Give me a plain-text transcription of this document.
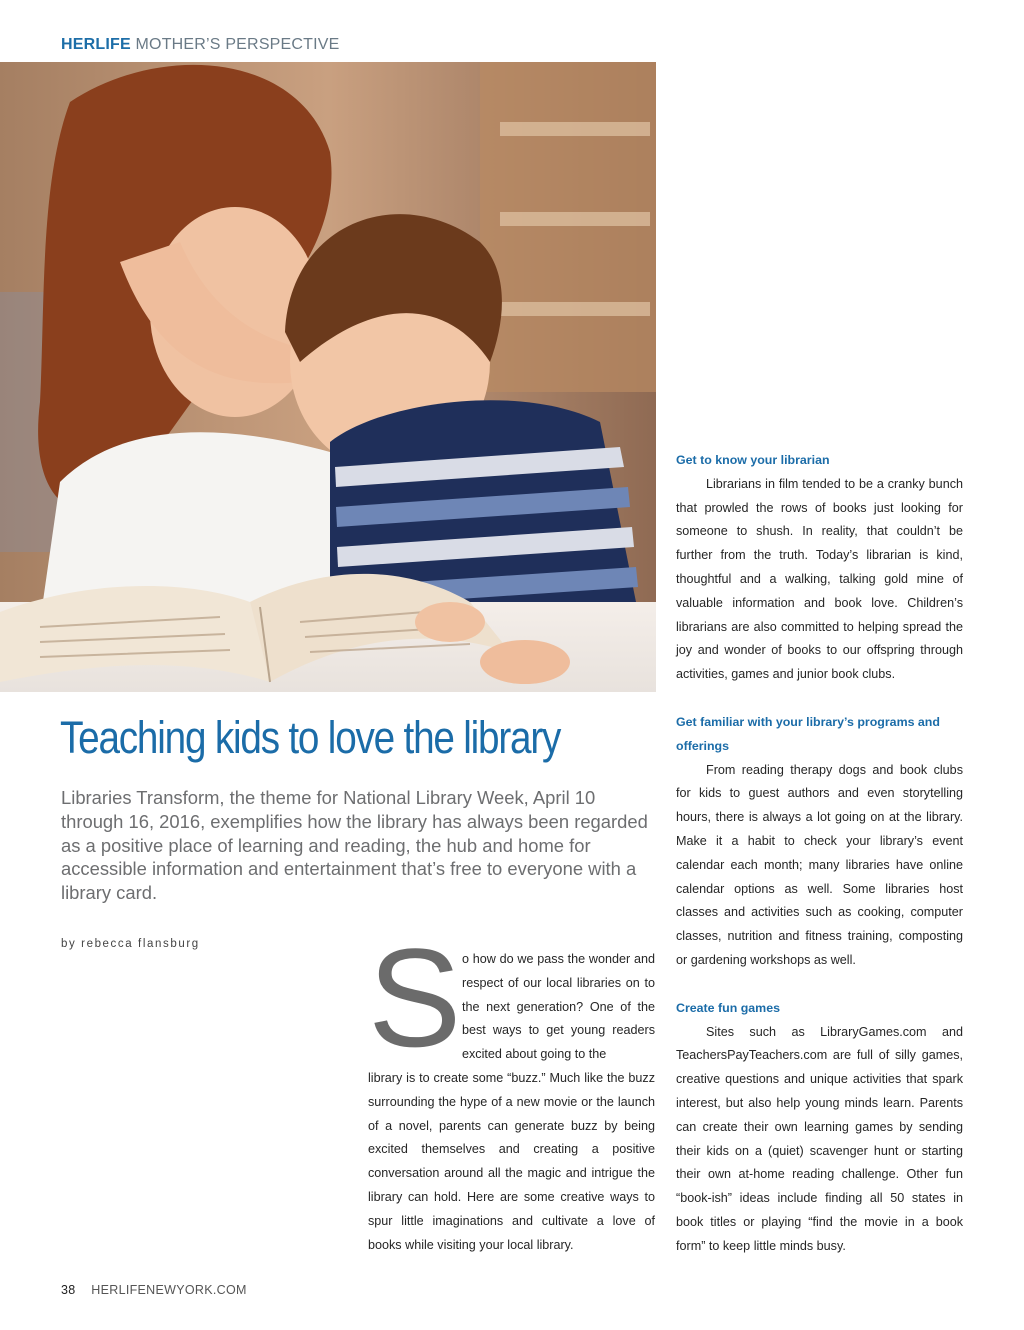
HERLIFE MOTHER’S PERSPECTIVE
Teaching kids to love the library

Libraries Transform, the theme for National Library Week, April 10 through 16, 2016, exemplifies how the library has always been regarded as a positive place of learning and reading, the hub and home for accessible information and entertainment that’s free to everyone with a library card.

by rebecca flansburg S o how do we pass the wonder and respect of our local libraries on to the next generation? One of the best ways to get young readers excited about going to the

library is to create some “buzz.” Much like the buzz surrounding the hype of a new movie or the launch of a novel, parents can generate buzz by being excited themselves and creating a positive conversation around all the magic and intrigue the library can hold. Here are some creative ways to spur little imaginations and cultivate a love of books while visiting your local library.

Get to know your librarian

Librarians in film tended to be a cranky bunch that prowled the rows of books just looking for someone to shush. In reality, that couldn’t be further from the truth. Today’s librarian is kind, thoughtful and a walking, talking gold mine of valuable information and book love. Children’s librarians are also committed to helping spread the joy and wonder of books to our offspring through activities, games and junior book clubs.

Get familiar with your library’s programs and offerings

From reading therapy dogs and book clubs for kids to guest authors and even storytelling hours, there is always a lot going on at the library. Make it a habit to check your library’s event calendar each month; many libraries have online calendar options as well. Some libraries host classes and activities such as cooking, computer classes, nutrition and fitness training, composting or gardening workshops as well.

Create fun games

Sites such as LibraryGames.com and TeachersPayTeachers.com are full of silly games, creative questions and unique activities that spark interest, but also help young minds learn. Parents can create their own learning games by sending their kids on a (quiet) scavenger hunt or starting their own at-home reading challenge. Other fun “book-ish” ideas include finding all 50 states in book titles or playing “find the movie in a book form” to keep little minds busy.

38 HERLIFENEWYORK.COM
